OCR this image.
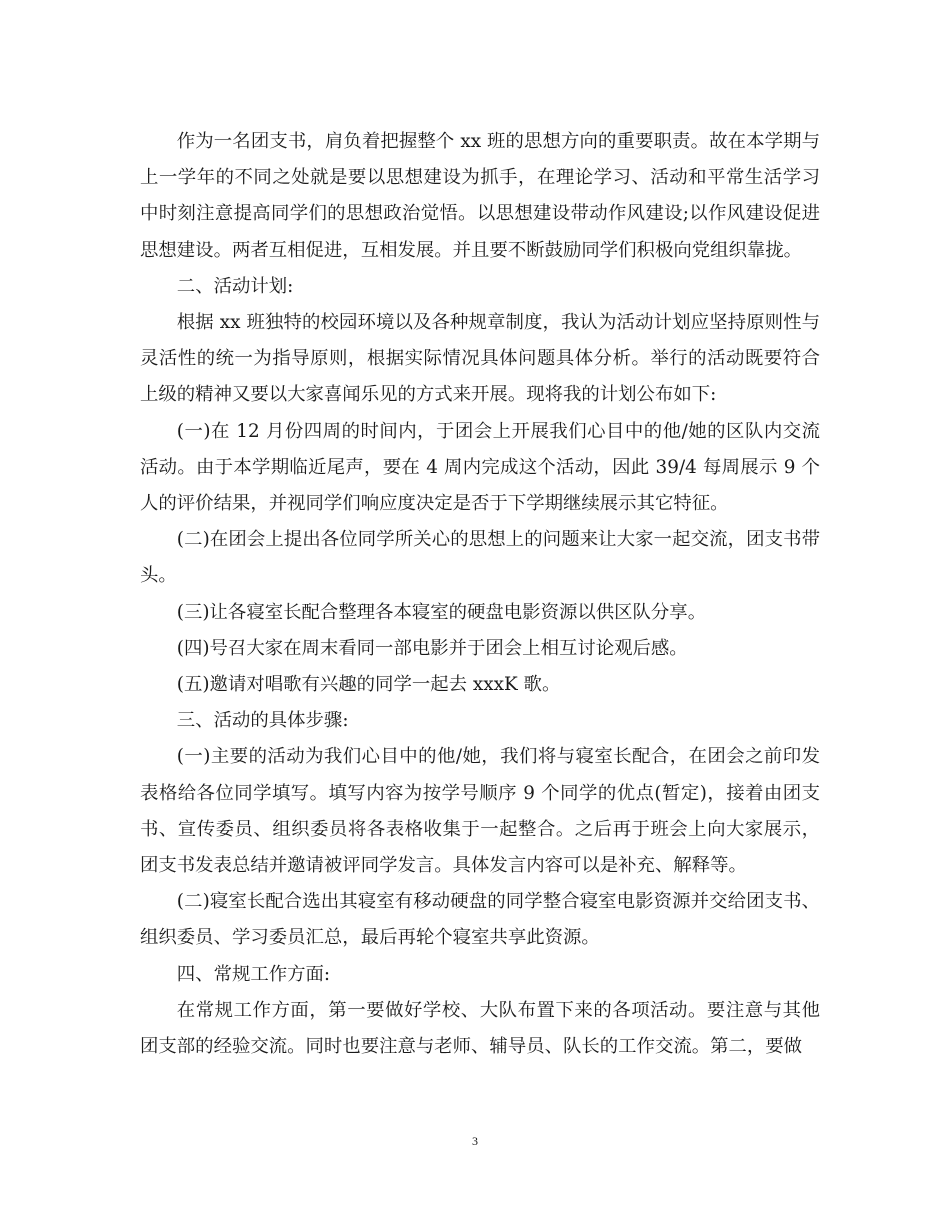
作为一名团支书，肩负着把握整个 xx 班的思想方向的重要职责。故在本学期与上一学年的不同之处就是要以思想建设为抓手，在理论学习、活动和平常生活学习中时刻注意提高同学们的思想政治觉悟。以思想建设带动作风建设;以作风建设促进思想建设。两者互相促进，互相发展。并且要不断鼓励同学们积极向党组织靠拢。

二、活动计划:

根据 xx 班独特的校园环境以及各种规章制度，我认为活动计划应坚持原则性与灵活性的统一为指导原则，根据实际情况具体问题具体分析。举行的活动既要符合上级的精神又要以大家喜闻乐见的方式来开展。现将我的计划公布如下:

(一)在 12 月份四周的时间内，于团会上开展我们心目中的他/她的区队内交流活动。由于本学期临近尾声，要在 4 周内完成这个活动，因此 39/4 每周展示 9 个人的评价结果，并视同学们响应度决定是否于下学期继续展示其它特征。

(二)在团会上提出各位同学所关心的思想上的问题来让大家一起交流，团支书带头。

(三)让各寝室长配合整理各本寝室的硬盘电影资源以供区队分享。

(四)号召大家在周末看同一部电影并于团会上相互讨论观后感。

(五)邀请对唱歌有兴趣的同学一起去 xxxK 歌。

三、活动的具体步骤:

(一)主要的活动为我们心目中的他/她，我们将与寝室长配合，在团会之前印发表格给各位同学填写。填写内容为按学号顺序 9 个同学的优点(暂定)，接着由团支书、宣传委员、组织委员将各表格收集于一起整合。之后再于班会上向大家展示，团支书发表总结并邀请被评同学发言。具体发言内容可以是补充、解释等。

(二)寝室长配合选出其寝室有移动硬盘的同学整合寝室电影资源并交给团支书、组织委员、学习委员汇总，最后再轮个寝室共享此资源。

四、常规工作方面:

在常规工作方面，第一要做好学校、大队布置下来的各项活动。要注意与其他团支部的经验交流。同时也要注意与老师、辅导员、队长的工作交流。第二，要做

3
